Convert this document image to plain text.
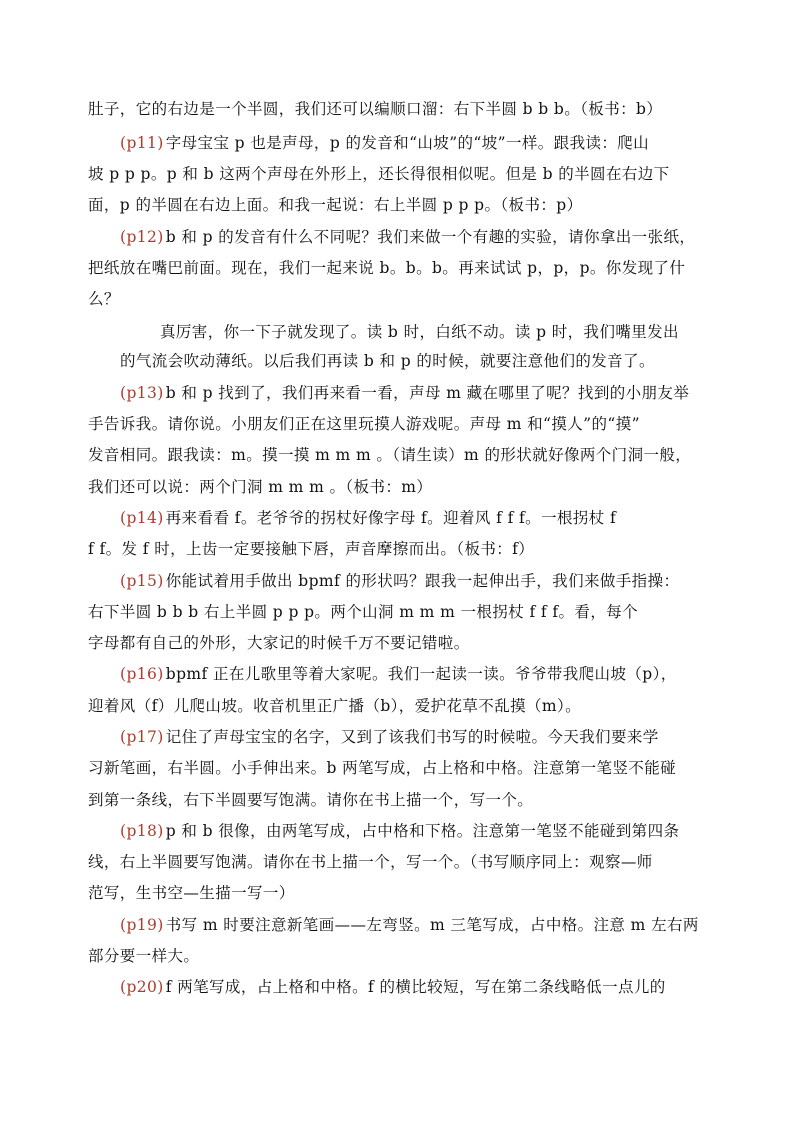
肚子，它的右边是一个半圆，我们还可以编顺口溜：右下半圆 b b b。（板书：b）
(p11) 字母宝宝 p 也是声母，p 的发音和“山坡”的“坡”一样。跟我读：爬山
坡 p p p。p 和 b 这两个声母在外形上，还长得很相似呢。但是 b 的半圆在右边下
面，p 的半圆在右边上面。和我一起说：右上半圆 p p p。（板书：p）
(p12) b 和 p 的发音有什么不同呢？我们来做一个有趣的实验，请你拿出一张纸，
把纸放在嘴巴前面。现在，我们一起来说 b。b。b。再来试试 p，p，p。你发现了什
么？
真厉害，你一下子就发现了。读 b 时，白纸不动。读 p 时，我们嘴里发出
的气流会吹动薄纸。以后我们再读 b 和 p 的时候，就要注意他们的发音了。
(p13) b 和 p 找到了，我们再来看一看，声母 m 藏在哪里了呢？找到的小朋友举
手告诉我。请你说。小朋友们正在这里玩摸人游戏呢。声母 m 和“摸人”的“摸”
发音相同。跟我读：m。摸一摸 m m m 。（请生读）m 的形状就好像两个门洞一般，
我们还可以说：两个门洞 m m m 。（板书：m）
(p14) 再来看看 f。老爷爷的拐杖好像字母 f。迎着风 f f f。一根拐杖 f
f f。发 f 时，上齿一定要接触下唇，声音摩擦而出。（板书：f）
(p15) 你能试着用手做出 bpmf 的形状吗？跟我一起伸出手，我们来做手指操：
右下半圆 b b b 右上半圆 p p p。两个山洞 m m m 一根拐杖 f f f。看，每个
字母都有自己的外形，大家记的时候千万不要记错啦。
(p16) bpmf 正在儿歌里等着大家呢。我们一起读一读。爷爷带我爬山坡（p），
迎着风（f）儿爬山坡。收音机里正广播（b），爱护花草不乱摸（m）。
(p17) 记住了声母宝宝的名字，又到了该我们书写的时候啦。今天我们要来学
习新笔画，右半圆。小手伸出来。b 两笔写成，占上格和中格。注意第一笔竖不能碰
到第一条线，右下半圆要写饱满。请你在书上描一个，写一个。
(p18) p 和 b 很像，由两笔写成，占中格和下格。注意第一笔竖不能碰到第四条
线，右上半圆要写饱满。请你在书上描一个，写一个。（书写顺序同上：观察—师
范写，生书空—生描一写一）
(p19) 书写 m 时要注意新笔画——左弯竖。m 三笔写成，占中格。注意 m 左右两
部分要一样大。
(p20) f 两笔写成，占上格和中格。f 的横比较短，写在第二条线略低一点儿的
